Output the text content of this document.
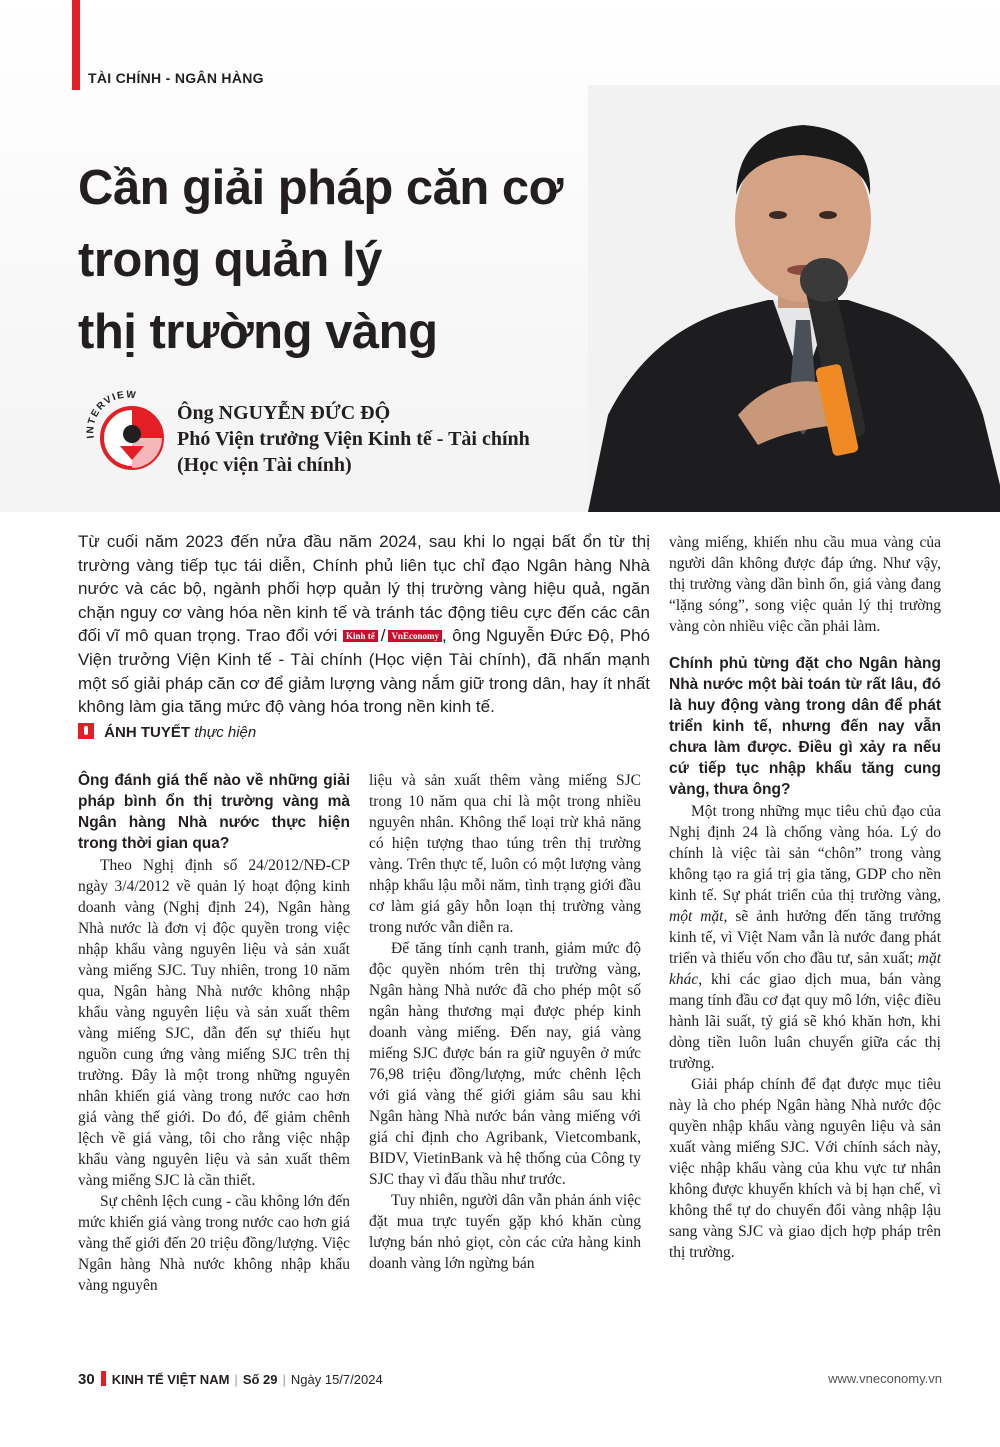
TÀI CHÍNH - NGÂN HÀNG
Cần giải pháp căn cơ
trong quản lý
thị trường vàng
INTERVIEW
Ông NGUYỄN ĐỨC ĐỘ
Phó Viện trưởng Viện Kinh tế - Tài chính
(Học viện Tài chính)
Từ cuối năm 2023 đến nửa đầu năm 2024, sau khi lo ngại bất ổn từ thị trường vàng tiếp tục tái diễn, Chính phủ liên tục chỉ đạo Ngân hàng Nhà nước và các bộ, ngành phối hợp quản lý thị trường vàng hiệu quả, ngăn chặn nguy cơ vàng hóa nền kinh tế và tránh tác động tiêu cực đến các cân đối vĩ mô quan trọng. Trao đổi với Kinh tế / VnEconomy , ông Nguyễn Đức Độ, Phó Viện trưởng Viện Kinh tế - Tài chính (Học viện Tài chính), đã nhấn mạnh một số giải pháp căn cơ để giảm lượng vàng nắm giữ trong dân, hay ít nhất không làm gia tăng mức độ vàng hóa trong nền kinh tế.
ÁNH TUYẾT thực hiện
Ông đánh giá thế nào về những giải pháp bình ổn thị trường vàng mà Ngân hàng Nhà nước thực hiện trong thời gian qua?

Theo Nghị định số 24/2012/NĐ-CP ngày 3/4/2012 về quản lý hoạt động kinh doanh vàng (Nghị định 24), Ngân hàng Nhà nước là đơn vị độc quyền trong việc nhập khẩu vàng nguyên liệu và sản xuất vàng miếng SJC. Tuy nhiên, trong 10 năm qua, Ngân hàng Nhà nước không nhập khẩu vàng nguyên liệu và sản xuất thêm vàng miếng SJC, dẫn đến sự thiếu hụt nguồn cung ứng vàng miếng SJC trên thị trường. Đây là một trong những nguyên nhân khiến giá vàng trong nước cao hơn giá vàng thế giới. Do đó, để giảm chênh lệch về giá vàng, tôi cho rằng việc nhập khẩu vàng nguyên liệu và sản xuất thêm vàng miếng SJC là cần thiết.

Sự chênh lệch cung - cầu không lớn đến mức khiến giá vàng trong nước cao hơn giá vàng thế giới đến 20 triệu đồng/lượng. Việc Ngân hàng Nhà nước không nhập khẩu vàng nguyên

liệu và sản xuất thêm vàng miếng SJC trong 10 năm qua chỉ là một trong nhiều nguyên nhân. Không thể loại trừ khả năng có hiện tượng thao túng trên thị trường vàng. Trên thực tế, luôn có một lượng vàng nhập khẩu lậu mỗi năm, tình trạng giới đầu cơ làm giá gây hỗn loạn thị trường vàng trong nước vẫn diễn ra.

Để tăng tính cạnh tranh, giảm mức độ độc quyền nhóm trên thị trường vàng, Ngân hàng Nhà nước đã cho phép một số ngân hàng thương mại được phép kinh doanh vàng miếng. Đến nay, giá vàng miếng SJC được bán ra giữ nguyên ở mức 76,98 triệu đồng/lượng, mức chênh lệch với giá vàng thế giới giảm sâu sau khi Ngân hàng Nhà nước bán vàng miếng với giá chỉ định cho Agribank, Vietcombank, BIDV, VietinBank và hệ thống của Công ty SJC thay vì đấu thầu như trước.

Tuy nhiên, người dân vẫn phản ánh việc đặt mua trực tuyến gặp khó khăn cùng lượng bán nhỏ giọt, còn các cửa hàng kinh doanh vàng lớn ngừng bán

vàng miếng, khiến nhu cầu mua vàng của người dân không được đáp ứng. Như vậy, thị trường vàng dần bình ổn, giá vàng đang “lặng sóng”, song việc quản lý thị trường vàng còn nhiều việc cần phải làm.

Chính phủ từng đặt cho Ngân hàng Nhà nước một bài toán từ rất lâu, đó là huy động vàng trong dân để phát triển kinh tế, nhưng đến nay vẫn chưa làm được. Điều gì xảy ra nếu cứ tiếp tục nhập khẩu tăng cung vàng, thưa ông?

Một trong những mục tiêu chủ đạo của Nghị định 24 là chống vàng hóa. Lý do chính là việc tài sản “chôn” trong vàng không tạo ra giá trị gia tăng, GDP cho nền kinh tế. Sự phát triển của thị trường vàng, một mặt, sẽ ảnh hưởng đến tăng trưởng kinh tế, vì Việt Nam vẫn là nước đang phát triển và thiếu vốn cho đầu tư, sản xuất; mặt khác, khi các giao dịch mua, bán vàng mang tính đầu cơ đạt quy mô lớn, việc điều hành lãi suất, tỷ giá sẽ khó khăn hơn, khi dòng tiền luôn luân chuyển giữa các thị trường.

Giải pháp chính để đạt được mục tiêu này là cho phép Ngân hàng Nhà nước độc quyền nhập khẩu vàng nguyên liệu và sản xuất vàng miếng SJC. Với chính sách này, việc nhập khẩu vàng của khu vực tư nhân không được khuyến khích và bị hạn chế, vì không thể tự do chuyển đổi vàng nhập lậu sang vàng SJC và giao dịch hợp pháp trên thị trường.

30 KINH TẾ VIỆT NAM | Số 29 | Ngày 15/7/2024	www.vneconomy.vn
